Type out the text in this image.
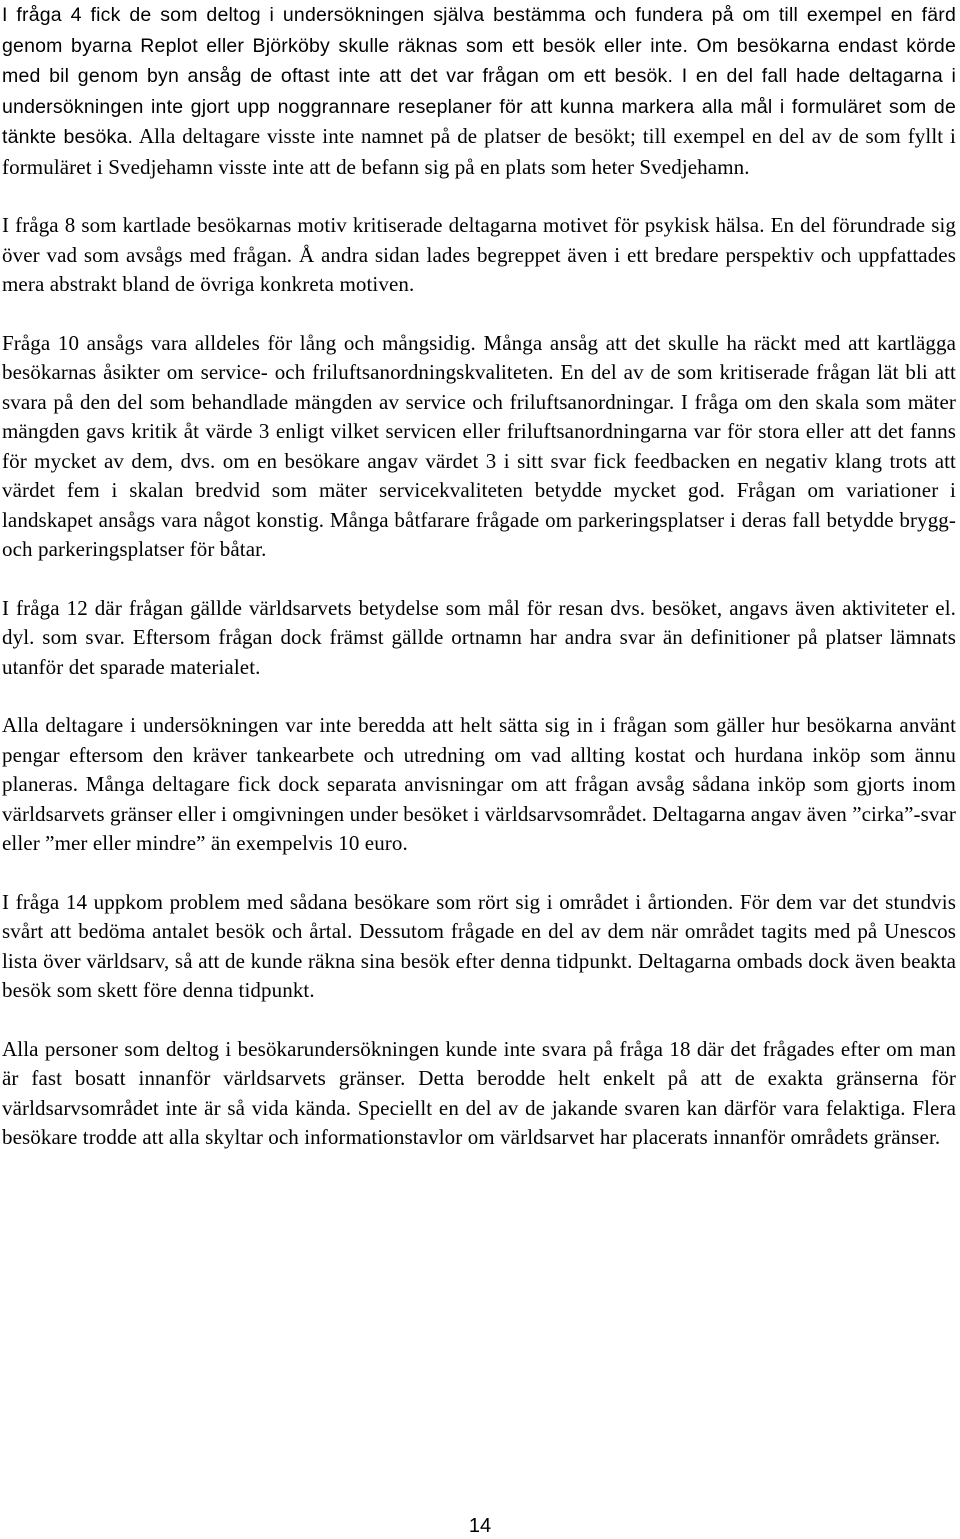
I fråga 4 fick de som deltog i undersökningen själva bestämma och fundera på om till exempel en färd genom byarna Replot eller Björköby skulle räknas som ett besök eller inte. Om besökarna endast körde med bil genom byn ansåg de oftast inte att det var frågan om ett besök. I en del fall hade deltagarna i undersökningen inte gjort upp noggrannare reseplaner för att kunna markera alla mål i formuläret som de tänkte besöka. Alla deltagare visste inte namnet på de platser de besökt; till exempel en del av de som fyllt i formuläret i Svedjehamn visste inte att de befann sig på en plats som heter Svedjehamn.

I fråga 8 som kartlade besökarnas motiv kritiserade deltagarna motivet för psykisk hälsa. En del förundrade sig över vad som avsågs med frågan. Å andra sidan lades begreppet även i ett bredare perspektiv och uppfattades mera abstrakt bland de övriga konkreta motiven.

Fråga 10 ansågs vara alldeles för lång och mångsidig. Många ansåg att det skulle ha räckt med att kartlägga besökarnas åsikter om service- och friluftsanordningskvaliteten. En del av de som kritiserade frågan lät bli att svara på den del som behandlade mängden av service och friluftsanordningar. I fråga om den skala som mäter mängden gavs kritik åt värde 3 enligt vilket servicen eller friluftsanordningarna var för stora eller att det fanns för mycket av dem, dvs. om en besökare angav värdet 3 i sitt svar fick feedbacken en negativ klang trots att värdet fem i skalan bredvid som mäter servicekvaliteten betydde mycket god. Frågan om variationer i landskapet ansågs vara något konstig. Många båtfarare frågade om parkeringsplatser i deras fall betydde brygg- och parkeringsplatser för båtar.

I fråga 12 där frågan gällde världsarvets betydelse som mål för resan dvs. besöket, angavs även aktiviteter el. dyl. som svar. Eftersom frågan dock främst gällde ortnamn har andra svar än definitioner på platser lämnats utanför det sparade materialet.

Alla deltagare i undersökningen var inte beredda att helt sätta sig in i frågan som gäller hur besökarna använt pengar eftersom den kräver tankearbete och utredning om vad allting kostat och hurdana inköp som ännu planeras. Många deltagare fick dock separata anvisningar om att frågan avsåg sådana inköp som gjorts inom världsarvets gränser eller i omgivningen under besöket i världsarvsområdet. Deltagarna angav även ”cirka”-svar eller ”mer eller mindre” än exempelvis 10 euro.

I fråga 14 uppkom problem med sådana besökare som rört sig i området i årtionden. För dem var det stundvis svårt att bedöma antalet besök och årtal. Dessutom frågade en del av dem när området tagits med på Unescos lista över världsarv, så att de kunde räkna sina besök efter denna tidpunkt. Deltagarna ombads dock även beakta besök som skett före denna tidpunkt.

Alla personer som deltog i besökarundersökningen kunde inte svara på fråga 18 där det frågades efter om man är fast bosatt innanför världsarvets gränser. Detta berodde helt enkelt på att de exakta gränserna för världsarvsområdet inte är så vida kända. Speciellt en del av de jakande svaren kan därför vara felaktiga. Flera besökare trodde att alla skyltar och informationstavlor om världsarvet har placerats innanför områdets gränser.

14
